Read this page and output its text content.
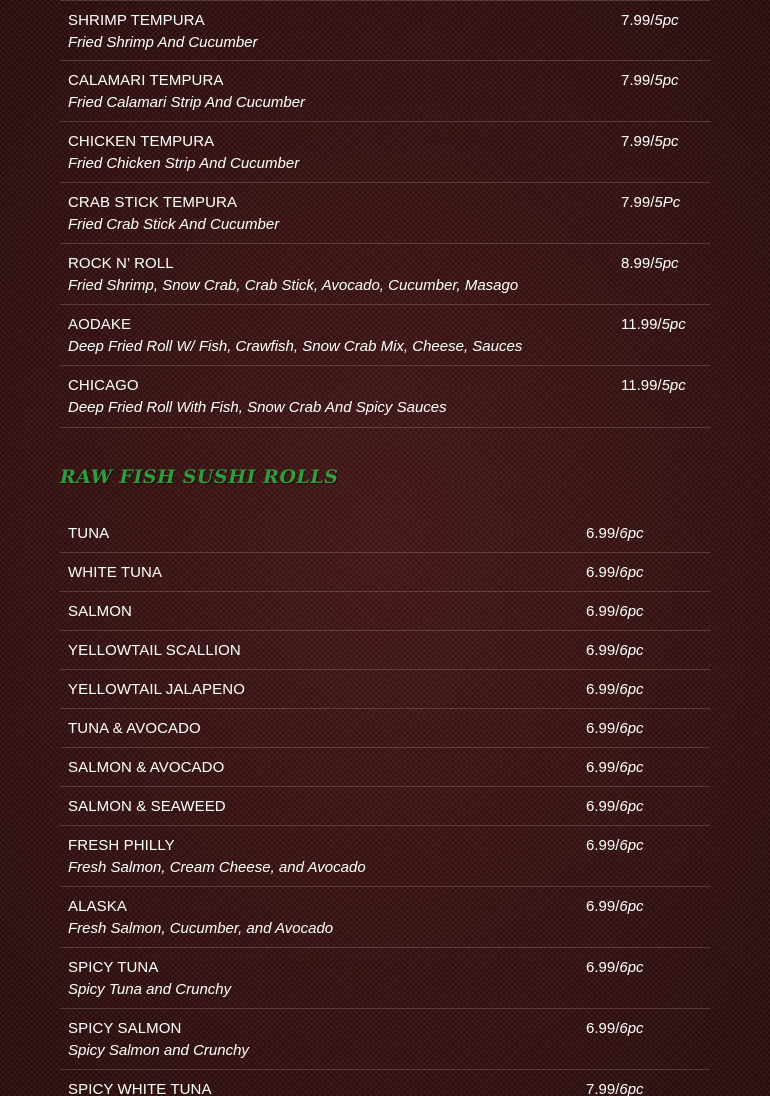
SHRIMP TEMPURA
Fried Shrimp And Cucumber
7.99/5pc
CALAMARI TEMPURA
Fried Calamari Strip And Cucumber
7.99/5pc
CHICKEN TEMPURA
Fried Chicken Strip And Cucumber
7.99/5pc
CRAB STICK TEMPURA
Fried Crab Stick And Cucumber
7.99/5Pc
ROCK N’ ROLL
Fried Shrimp, Snow Crab, Crab Stick, Avocado, Cucumber, Masago
8.99/5pc
AODAKE
Deep Fried Roll W/ Fish, Crawfish, Snow Crab Mix, Cheese, Sauces
11.99/5pc
CHICAGO
Deep Fried Roll With Fish, Snow Crab And Spicy Sauces
11.99/5pc
RAW FISH SUSHI ROLLS
TUNA	6.99/6pc
WHITE TUNA	6.99/6pc
SALMON	6.99/6pc
YELLOWTAIL SCALLION	6.99/6pc
YELLOWTAIL JALAPENO	6.99/6pc
TUNA & AVOCADO	6.99/6pc
SALMON & AVOCADO	6.99/6pc
SALMON & SEAWEED	6.99/6pc
FRESH PHILLY
Fresh Salmon, Cream Cheese, and Avocado
6.99/6pc
ALASKA
Fresh Salmon, Cucumber, and Avocado
6.99/6pc
SPICY TUNA
Spicy Tuna and Crunchy
6.99/6pc
SPICY SALMON
Spicy Salmon and Crunchy
6.99/6pc
SPICY WHITE TUNA	7.99/6pc
